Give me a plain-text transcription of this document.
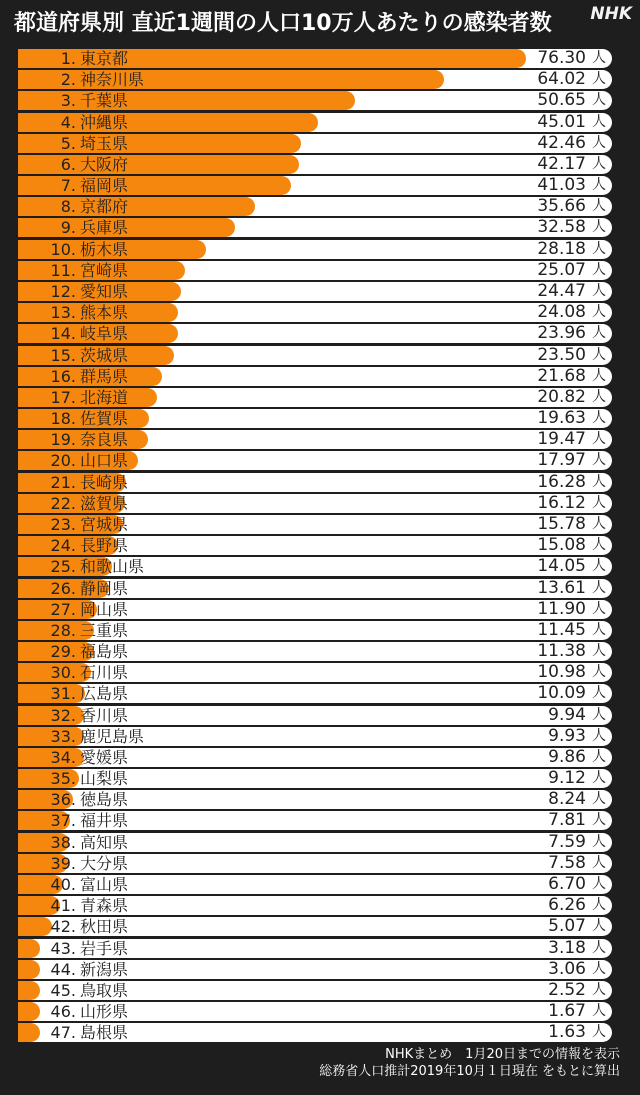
都道府県別 直近1週間の人口10万人あたりの感染者数	NHK
1. 東京都	76.30 人
2. 神奈川県	64.02 人
3. 千葉県	50.65 人
4. 沖縄県	45.01 人
5. 埼玉県	42.46 人
6. 大阪府	42.17 人
7. 福岡県	41.03 人
8. 京都府	35.66 人
9. 兵庫県	32.58 人
10. 栃木県	28.18 人
11. 宮崎県	25.07 人
12. 愛知県	24.47 人
13. 熊本県	24.08 人
14. 岐阜県	23.96 人
15. 茨城県	23.50 人
16. 群馬県	21.68 人
17. 北海道	20.82 人
18. 佐賀県	19.63 人
19. 奈良県	19.47 人
20. 山口県	17.97 人
21. 長崎県	16.28 人
22. 滋賀県	16.12 人
23. 宮城県	15.78 人
24. 長野県	15.08 人
25. 和歌山県	14.05 人
26. 静岡県	13.61 人
27. 岡山県	11.90 人
28. 三重県	11.45 人
29. 福島県	11.38 人
30. 石川県	10.98 人
31. 広島県	10.09 人
32. 香川県	9.94 人
33. 鹿児島県	9.93 人
34. 愛媛県	9.86 人
35. 山梨県	9.12 人
36. 徳島県	8.24 人
37. 福井県	7.81 人
38. 高知県	7.59 人
39. 大分県	7.58 人
40. 富山県	6.70 人
41. 青森県	6.26 人
42. 秋田県	5.07 人
43. 岩手県	3.18 人
44. 新潟県	3.06 人
45. 鳥取県	2.52 人
46. 山形県	1.67 人
47. 島根県	1.63 人
NHKまとめ　1月20日までの情報を表示
総務省人口推計2019年10月１日現在 をもとに算出
